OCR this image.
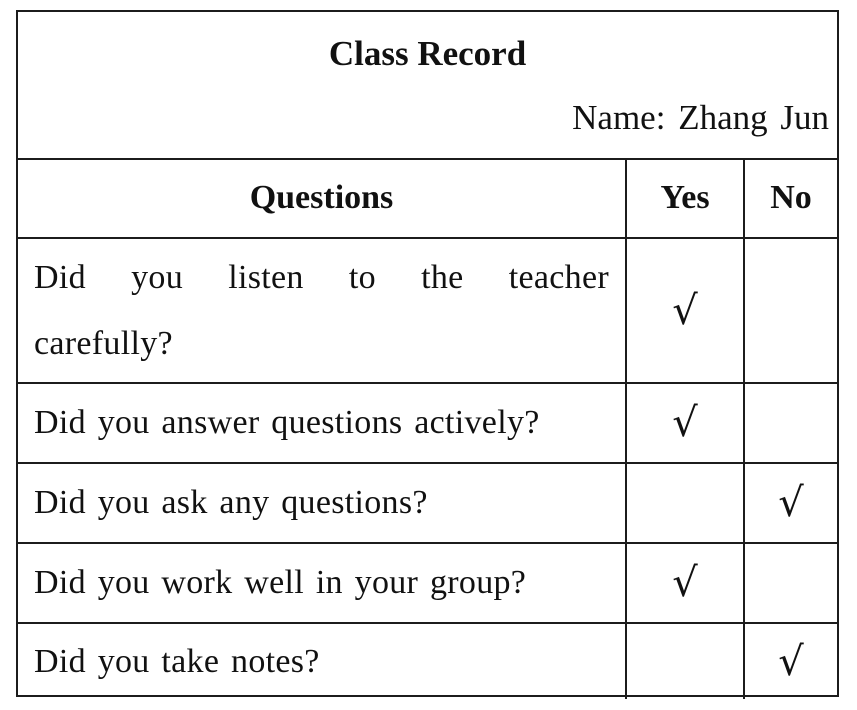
Class Record
Name: Zhang Jun
Questions	Yes	No
Did you listen to the teacher carefully?	√	
Did you answer questions actively?	√	
Did you ask any questions?		√
Did you work well in your group?	√	
Did you take notes?		√
